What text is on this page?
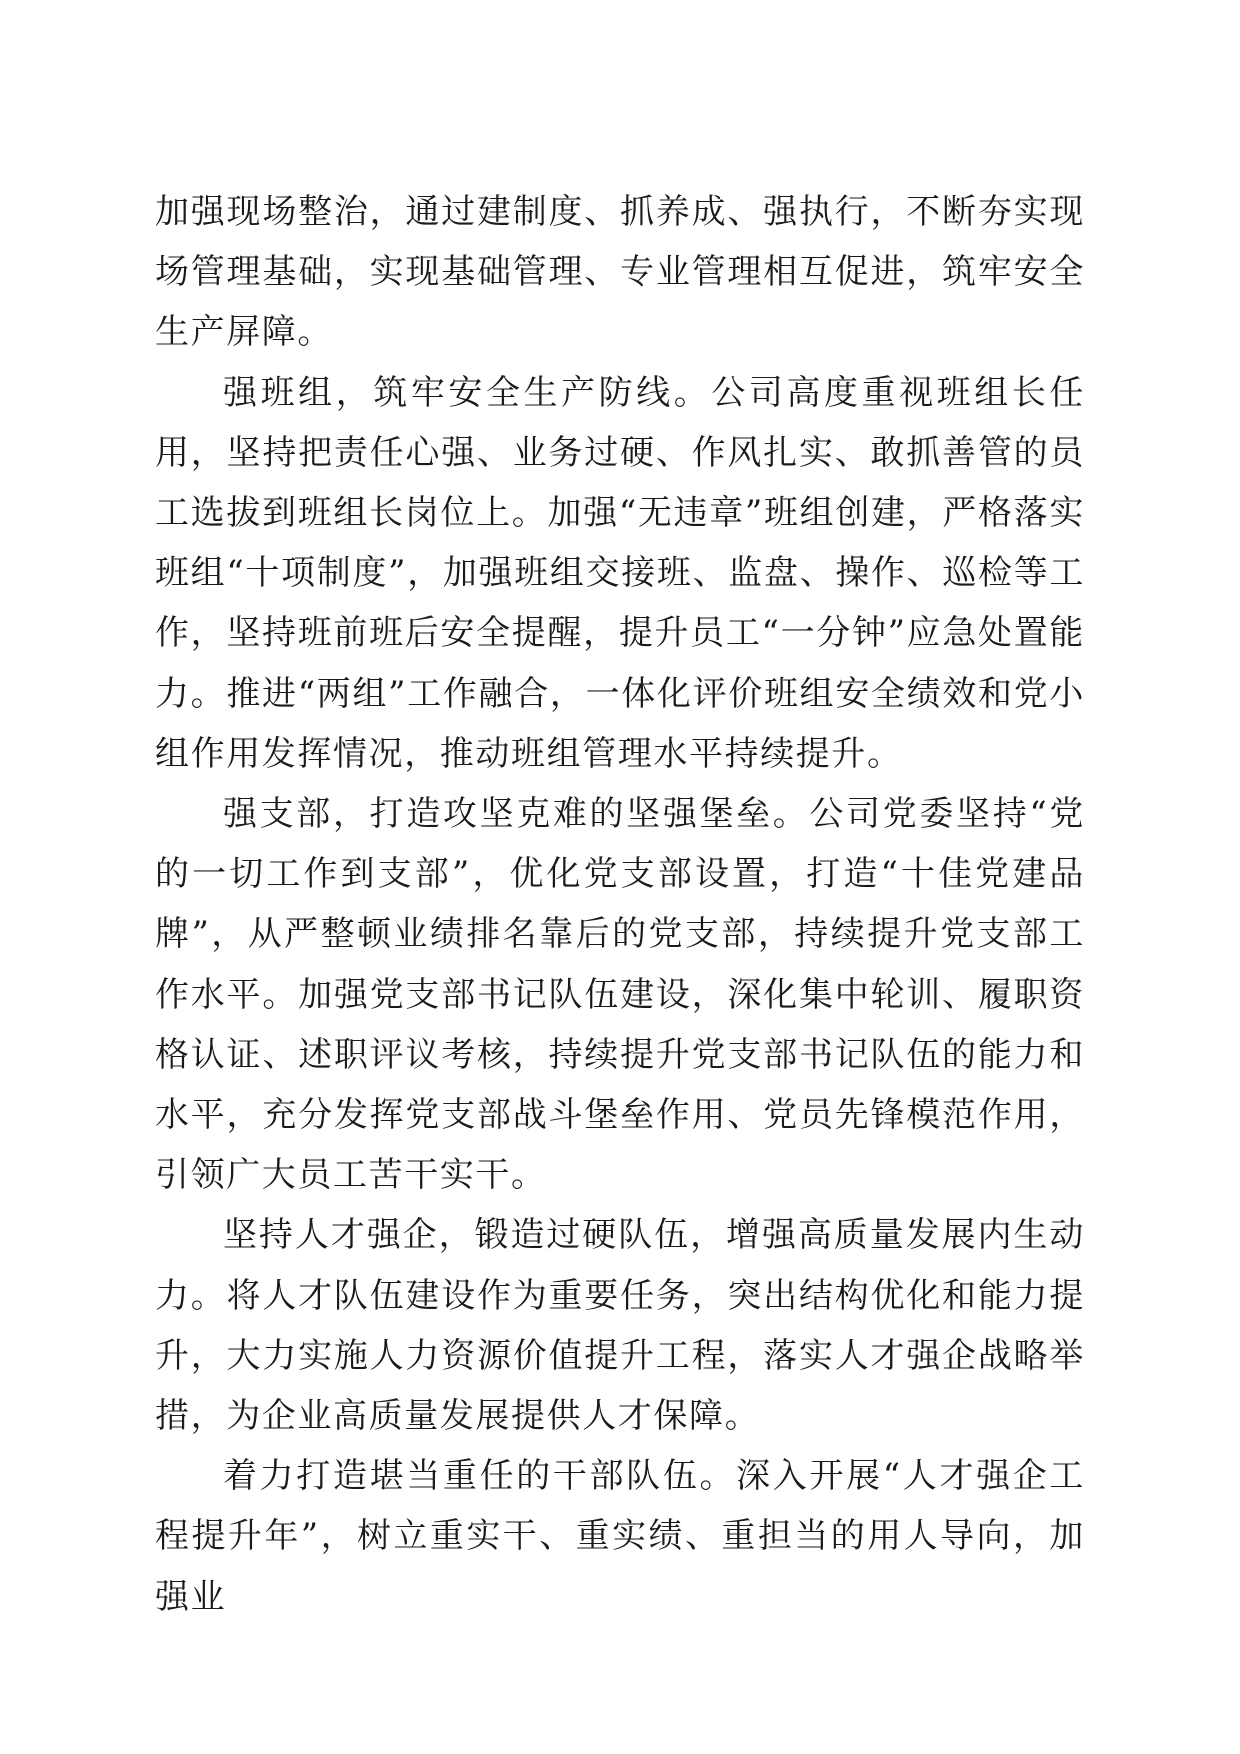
加强现场整治，通过建制度、抓养成、强执行，不断夯实现场管理基础，实现基础管理、专业管理相互促进，筑牢安全生产屏障。

强班组，筑牢安全生产防线。公司高度重视班组长任用，坚持把责任心强、业务过硬、作风扎实、敢抓善管的员工选拔到班组长岗位上。加强“无违章”班组创建，严格落实班组“十项制度”，加强班组交接班、监盘、操作、巡检等工作，坚持班前班后安全提醒，提升员工“一分钟”应急处置能力。推进“两组”工作融合，一体化评价班组安全绩效和党小组作用发挥情况，推动班组管理水平持续提升。

强支部，打造攻坚克难的坚强堡垒。公司党委坚持“党的一切工作到支部”，优化党支部设置，打造“十佳党建品牌”，从严整顿业绩排名靠后的党支部，持续提升党支部工作水平。加强党支部书记队伍建设，深化集中轮训、履职资格认证、述职评议考核，持续提升党支部书记队伍的能力和水平，充分发挥党支部战斗堡垒作用、党员先锋模范作用，引领广大员工苦干实干。

坚持人才强企，锻造过硬队伍，增强高质量发展内生动力。将人才队伍建设作为重要任务，突出结构优化和能力提升，大力实施人力资源价值提升工程，落实人才强企战略举措，为企业高质量发展提供人才保障。

着力打造堪当重任的干部队伍。深入开展“人才强企工程提升年”，树立重实干、重实绩、重担当的用人导向，加强业
